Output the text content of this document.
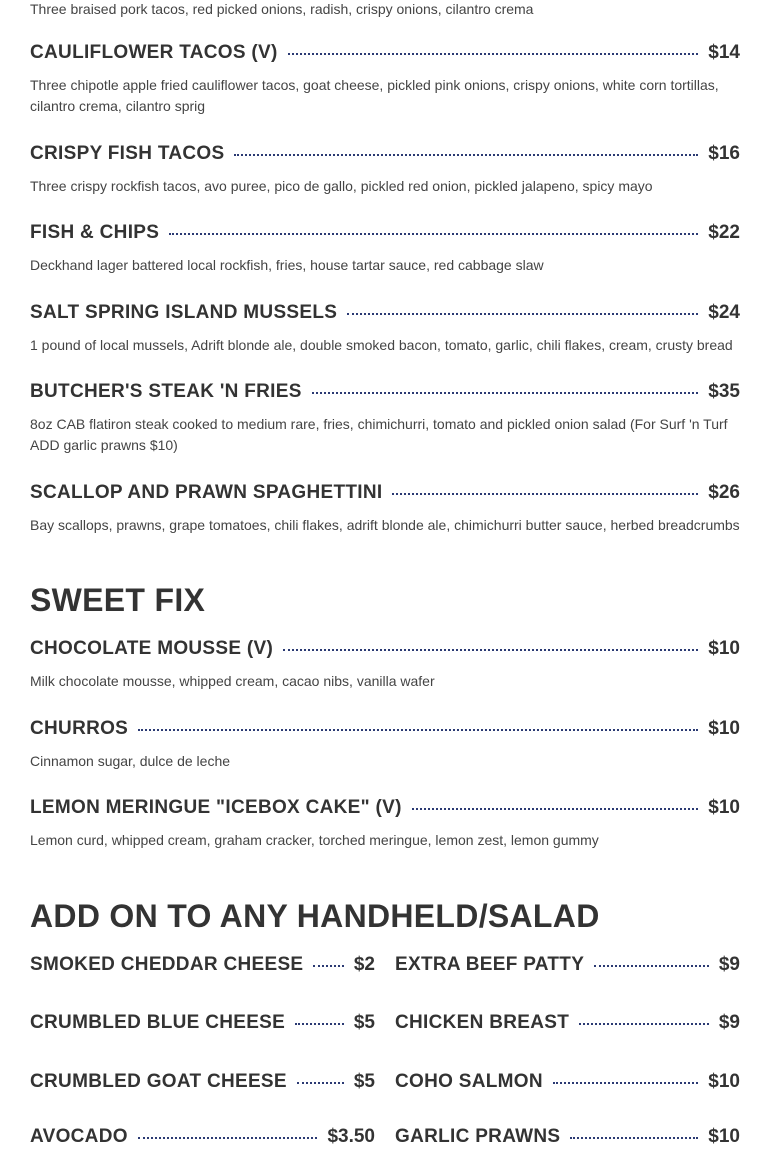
Three braised pork tacos, red picked onions, radish, crispy onions, cilantro crema
CAULIFLOWER TACOS (V)	$14
Three chipotle apple fried cauliflower tacos, goat cheese, pickled pink onions, crispy onions, white corn tortillas, cilantro crema, cilantro sprig
CRISPY FISH TACOS	$16
Three crispy rockfish tacos, avo puree, pico de gallo, pickled red onion, pickled jalapeno, spicy mayo
FISH & CHIPS	$22
Deckhand lager battered local rockfish, fries, house tartar sauce, red cabbage slaw
SALT SPRING ISLAND MUSSELS	$24
1 pound of local mussels, Adrift blonde ale, double smoked bacon, tomato, garlic, chili flakes, cream, crusty bread
BUTCHER'S STEAK 'N FRIES	$35
8oz CAB flatiron steak cooked to medium rare, fries, chimichurri, tomato and pickled onion salad (For Surf 'n Turf ADD garlic prawns $10)
SCALLOP AND PRAWN SPAGHETTINI	$26
Bay scallops, prawns, grape tomatoes, chili flakes, adrift blonde ale, chimichurri butter sauce, herbed breadcrumbs
SWEET FIX
CHOCOLATE MOUSSE (V)	$10
Milk chocolate mousse, whipped cream, cacao nibs, vanilla wafer
CHURROS	$10
Cinnamon sugar, dulce de leche
LEMON MERINGUE "ICEBOX CAKE" (V)	$10
Lemon curd, whipped cream, graham cracker, torched meringue, lemon zest, lemon gummy
ADD ON TO ANY HANDHELD/SALAD
SMOKED CHEDDAR CHEESE	$2 EXTRA BEEF PATTY	$9
CRUMBLED BLUE CHEESE	$5 CHICKEN BREAST	$9
CRUMBLED GOAT CHEESE	$5 COHO SALMON	$10
AVOCADO	$3.50 GARLIC PRAWNS	$10
